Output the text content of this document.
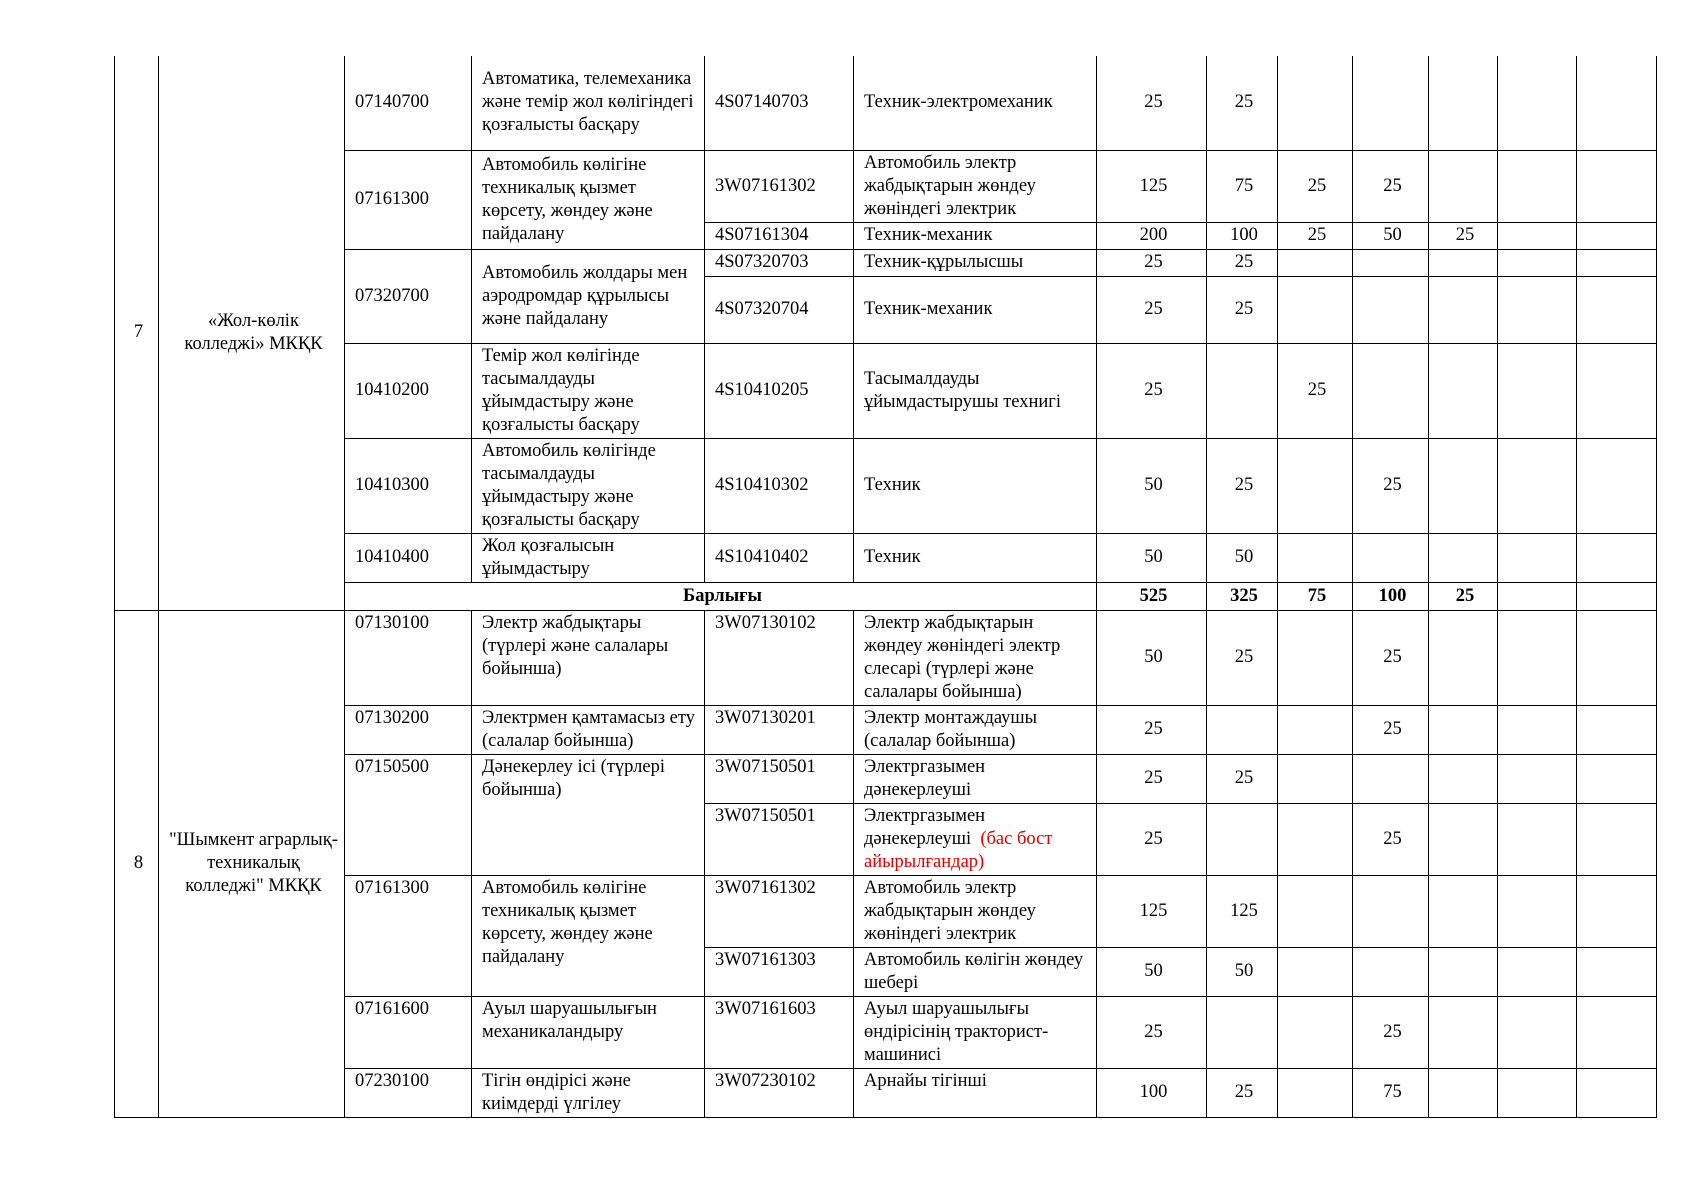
7	«Жол-көлік колледжі» МКҚК	07140700	Автоматика, телемеханика және темір жол көлігіндегі қозғалысты басқару	4S07140703	Техник-электромеханик	25	25					
		07161300	Автомобиль көлігіне техникалық қызмет көрсету, жөндеу және пайдалану	3W07161302	Автомобиль электр жабдықтарын жөндеу жөніндегі электрик	125	75	25	25			
				4S07161304	Техник-механик	200	100	25	50	25		
		07320700	Автомобиль жолдары мен аэродромдар құрылысы және пайдалану	4S07320703	Техник-құрылысшы	25	25					
				4S07320704	Техник-механик	25	25					
		10410200	Темір жол көлігінде тасымалдауды ұйымдастыру және қозғалысты басқару	4S10410205	Тасымалдауды ұйымдастырушы технигі	25		25				
		10410300	Автомобиль көлігінде тасымалдауды ұйымдастыру және қозғалысты басқару	4S10410302	Техник	50	25		25			
		10410400	Жол қозғалысын ұйымдастыру	4S10410402	Техник	50	50					
		Барлығы				525	325	75	100	25		
8	"Шымкент аграрлық-техникалық колледжі" МКҚК	07130100	Электр жабдықтары (түрлері және салалары бойынша)	3W07130102	Электр жабдықтарын жөндеу жөніндегі электр слесарі (түрлері және салалары бойынша)	50	25		25			
		07130200	Электрмен қамтамасыз ету (салалар бойынша)	3W07130201	Электр монтаждаушы (салалар бойынша)	25			25			
		07150500	Дәнекерлеу ісі (түрлері бойынша)	3W07150501	Электргазымен дәнекерлеуші	25	25					
				3W07150501	Электргазымен дәнекерлеуші (бас бост айырылғандар)	25			25			
		07161300	Автомобиль көлігіне техникалық қызмет көрсету, жөндеу және пайдалану	3W07161302	Автомобиль электр жабдықтарын жөндеу жөніндегі электрик	125	125					
				3W07161303	Автомобиль көлігін жөндеу шебері	50	50					
		07161600	Ауыл шаруашылығын механикаландыру	3W07161603	Ауыл шаруашылығы өндірісінің тракторист-машинисі	25			25			
		07230100	Тігін өндірісі және киімдерді үлгілеу	3W07230102	Арнайы тігінші	100	25		75			
